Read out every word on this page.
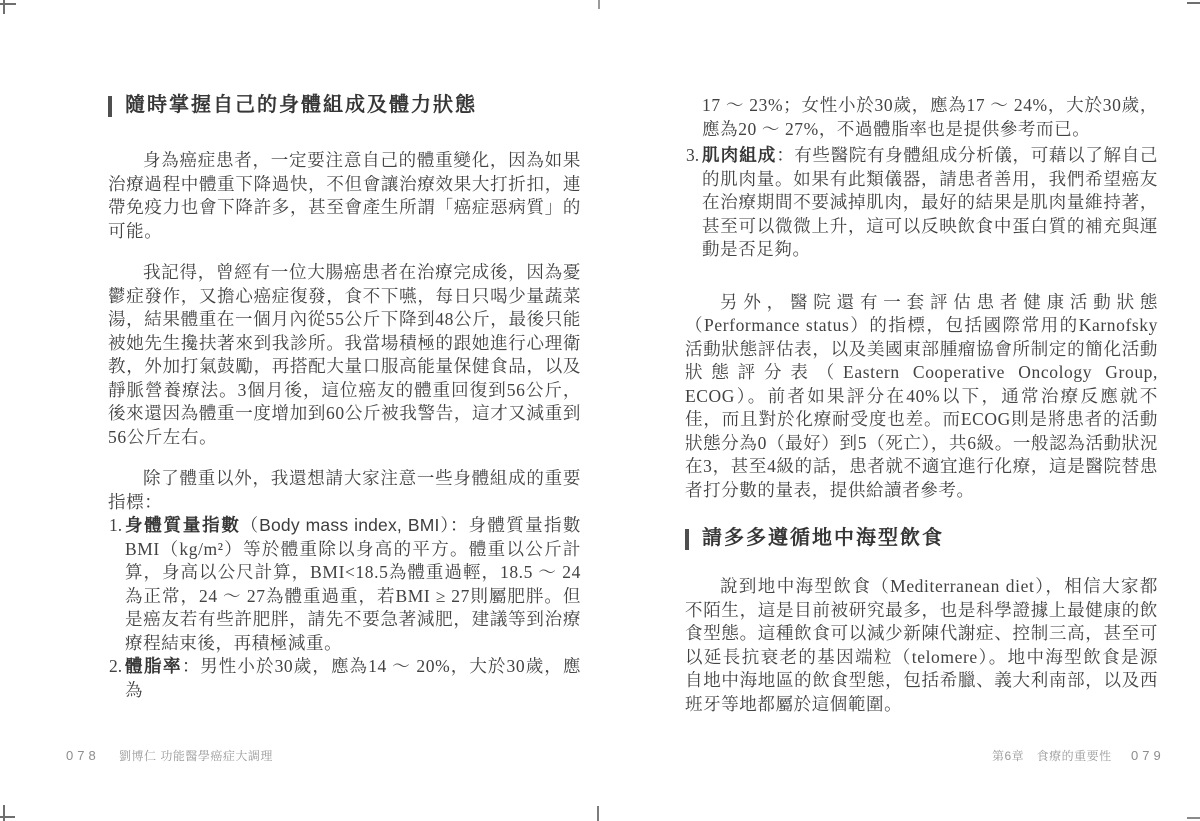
隨時掌握自己的身體組成及體力狀態

身為癌症患者，一定要注意自己的體重變化，因為如果治療過程中體重下降過快，不但會讓治療效果大打折扣，連帶免疫力也會下降許多，甚至會產生所謂「癌症惡病質」的可能。

我記得，曾經有一位大腸癌患者在治療完成後，因為憂鬱症發作，又擔心癌症復發，食不下嚥，每日只喝少量蔬菜湯，結果體重在一個月內從55公斤下降到48公斤，最後只能被她先生攙扶著來到我診所。我當場積極的跟她進行心理衛教，外加打氣鼓勵，再搭配大量口服高能量保健食品，以及靜脈營養療法。3個月後，這位癌友的體重回復到56公斤，後來還因為體重一度增加到60公斤被我警告，這才又減重到56公斤左右。

除了體重以外，我還想請大家注意一些身體組成的重要指標：

1. 身體質量指數（Body mass index, BMI）：身體質量指數BMI（kg/m²）等於體重除以身高的平方。體重以公斤計算，身高以公尺計算，BMI<18.5為體重過輕，18.5 ～ 24為正常，24 ～ 27為體重過重，若BMI ≥ 27則屬肥胖。但是癌友若有些許肥胖，請先不要急著減肥，建議等到治療療程結束後，再積極減重。
2. 體脂率：男性小於30歲，應為14 ～ 20%，大於30歲，應為
17 ～ 23%；女性小於30歲，應為17 ～ 24%，大於30歲，應為20 ～ 27%，不過體脂率也是提供參考而已。
3. 肌肉組成：有些醫院有身體組成分析儀，可藉以了解自己的肌肉量。如果有此類儀器，請患者善用，我們希望癌友在治療期間不要減掉肌肉，最好的結果是肌肉量維持著，甚至可以微微上升，這可以反映飲食中蛋白質的補充與運動是否足夠。

另外，醫院還有一套評估患者健康活動狀態（Performance status）的指標，包括國際常用的Karnofsky活動狀態評估表，以及美國東部腫瘤協會所制定的簡化活動狀態評分表（Eastern Cooperative Oncology Group, ECOG）。前者如果評分在40%以下，通常治療反應就不佳，而且對於化療耐受度也差。而ECOG則是將患者的活動狀態分為0（最好）到5（死亡），共6級。一般認為活動狀況在3，甚至4級的話，患者就不適宜進行化療，這是醫院替患者打分數的量表，提供給讀者參考。

請多多遵循地中海型飲食

說到地中海型飲食（Mediterranean diet），相信大家都不陌生，這是目前被研究最多，也是科學證據上最健康的飲食型態。這種飲食可以減少新陳代謝症、控制三高，甚至可以延長抗衰老的基因端粒（telomere）。地中海型飲食是源自地中海地區的飲食型態，包括希臘、義大利南部，以及西班牙等地都屬於這個範圍。

078 劉博仁 功能醫學癌症大調理	第6章　食療的重要性 079
